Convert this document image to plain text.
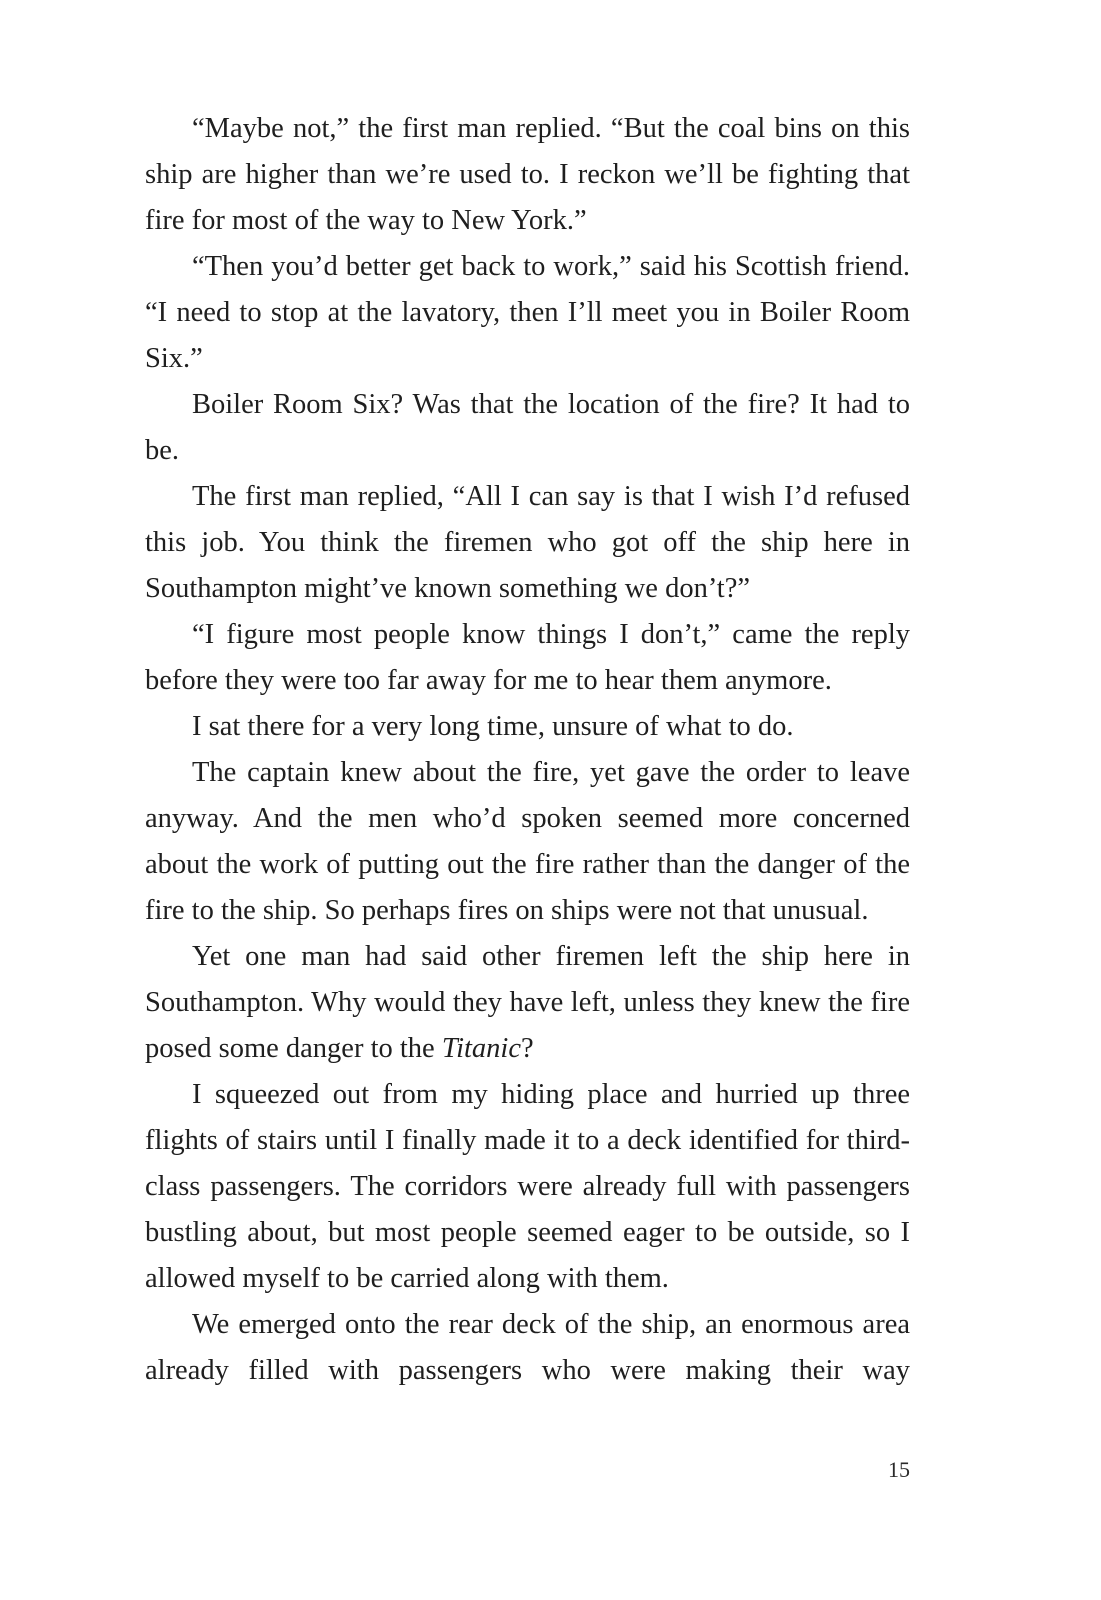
“Maybe not,” the first man replied. “But the coal bins on this ship are higher than we’re used to. I reckon we’ll be fighting that fire for most of the way to New York.”

“Then you’d better get back to work,” said his Scottish friend. “I need to stop at the lavatory, then I’ll meet you in Boiler Room Six.”

Boiler Room Six? Was that the location of the fire? It had to be.

The first man replied, “All I can say is that I wish I’d refused this job. You think the firemen who got off the ship here in Southampton might’ve known something we don’t?”

“I figure most people know things I don’t,” came the reply before they were too far away for me to hear them anymore.

I sat there for a very long time, unsure of what to do.

The captain knew about the fire, yet gave the order to leave anyway. And the men who’d spoken seemed more concerned about the work of putting out the fire rather than the danger of the fire to the ship. So perhaps fires on ships were not that unusual.

Yet one man had said other firemen left the ship here in Southampton. Why would they have left, unless they knew the fire posed some danger to the Titanic?

I squeezed out from my hiding place and hurried up three flights of stairs until I finally made it to a deck identified for third-class passengers. The corridors were already full with passengers bustling about, but most people seemed eager to be outside, so I allowed myself to be carried along with them.

We emerged onto the rear deck of the ship, an enormous area already filled with passengers who were making their way

15
